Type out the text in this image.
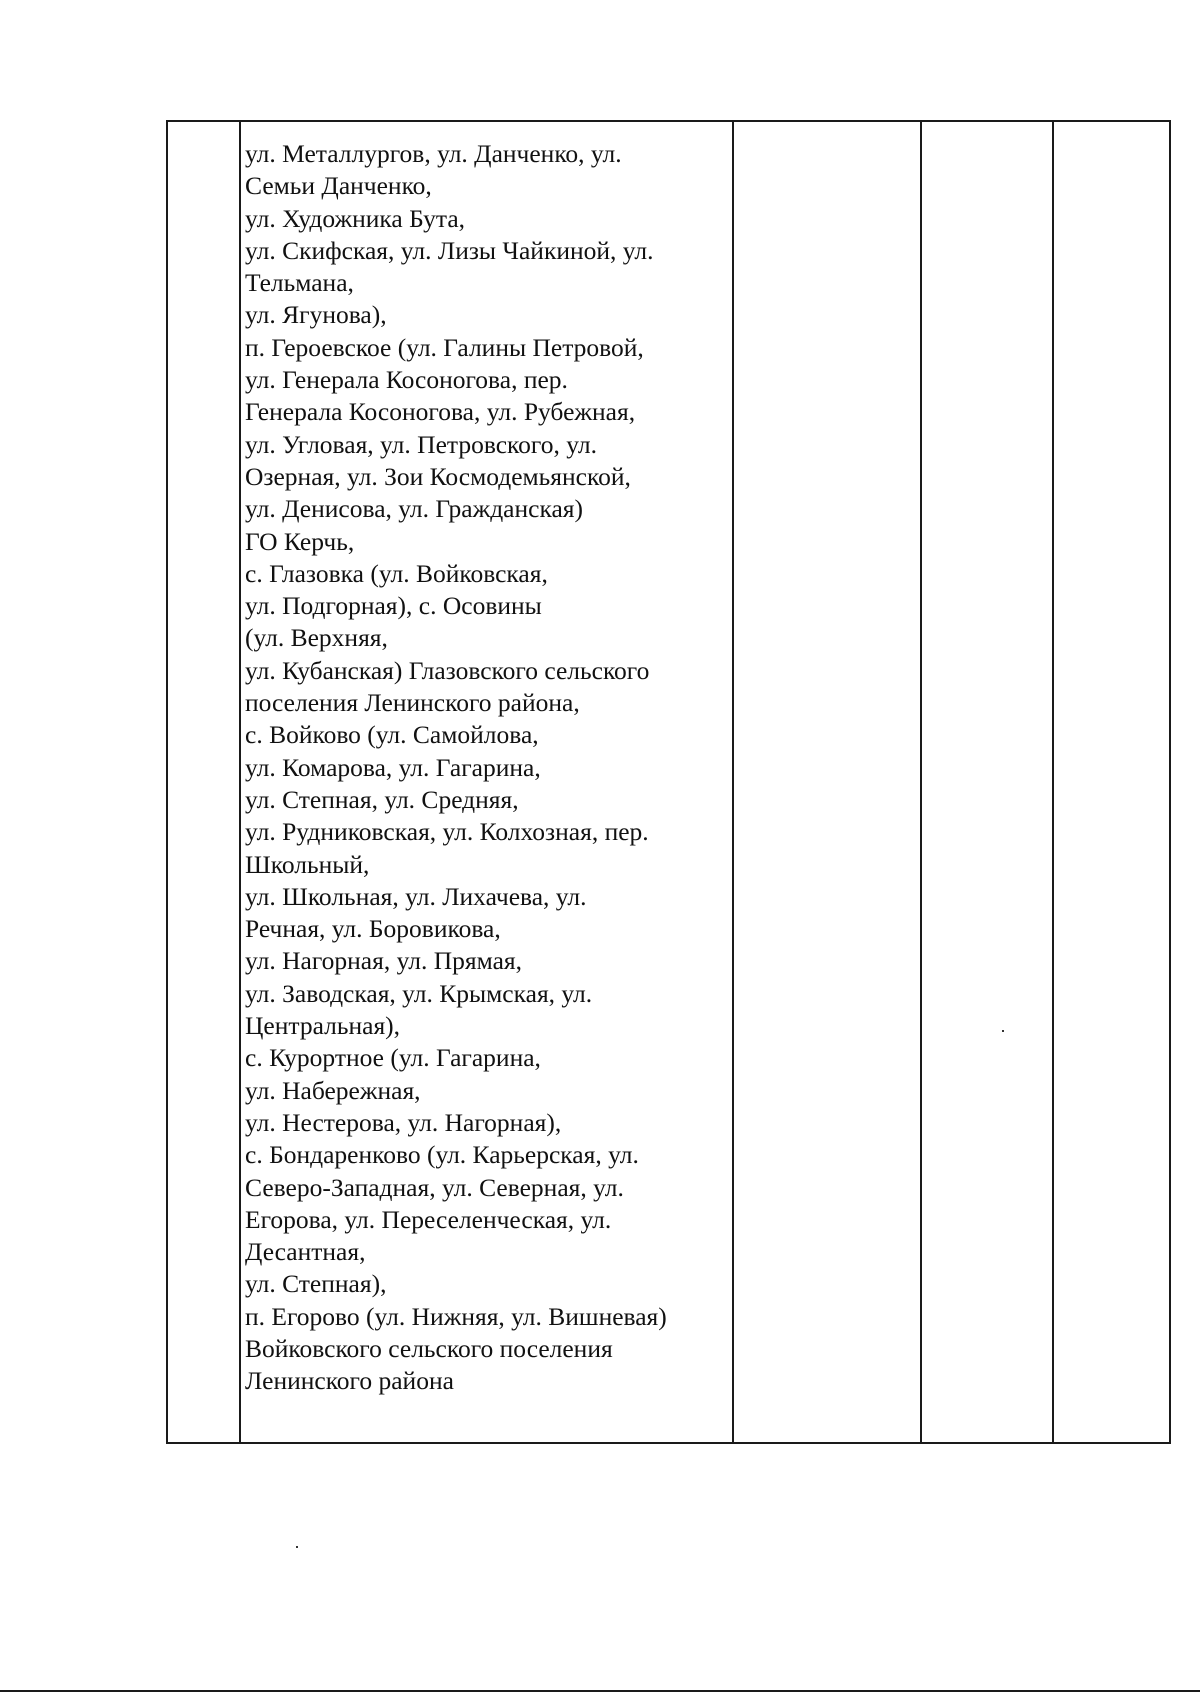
ул. Металлургов, ул. Данченко, ул.
Семьи Данченко,
ул. Художника Бута,
ул. Скифская, ул. Лизы Чайкиной, ул.
Тельмана,
ул. Ягунова),
п. Героевское (ул. Галины Петровой,
ул. Генерала Косоногова, пер.
Генерала Косоногова, ул. Рубежная,
ул. Угловая, ул. Петровского, ул.
Озерная, ул. Зои Космодемьянской,
ул. Денисова, ул. Гражданская)
ГО Керчь,
с. Глазовка (ул. Войковская,
ул. Подгорная), с. Осовины
(ул. Верхняя,
ул. Кубанская) Глазовского сельского
поселения Ленинского района,
с. Войково (ул. Самойлова,
ул. Комарова, ул. Гагарина,
ул. Степная, ул. Средняя,
ул. Рудниковская, ул. Колхозная, пер.
Школьный,
ул. Школьная, ул. Лихачева, ул.
Речная, ул. Боровикова,
ул. Нагорная, ул. Прямая,
ул. Заводская, ул. Крымская, ул.
Центральная),
с. Курортное (ул. Гагарина,
ул. Набережная,
ул. Нестерова, ул. Нагорная),
с. Бондаренково (ул. Карьерская, ул.
Северо-Западная, ул. Северная, ул.
Егорова, ул. Переселенческая, ул.
Десантная,
ул. Степная),
п. Егорово (ул. Нижняя, ул. Вишневая)
Войковского сельского поселения
Ленинского района
